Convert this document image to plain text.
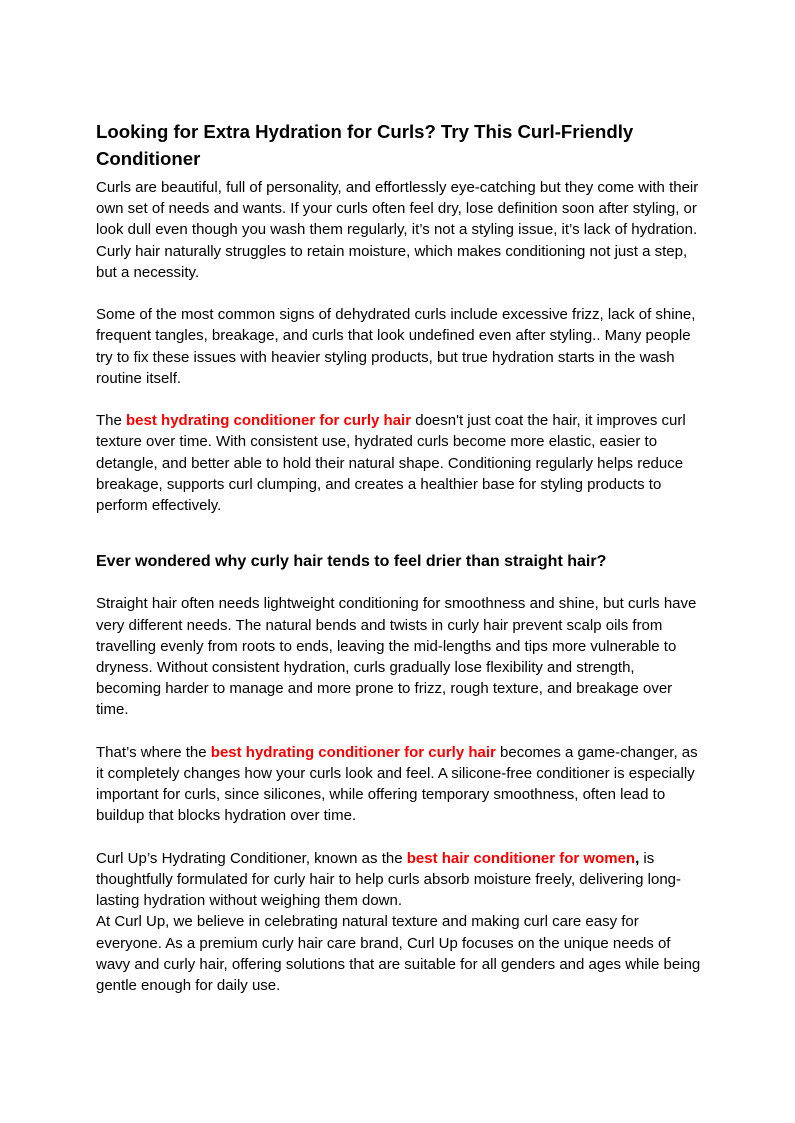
Looking for Extra Hydration for Curls? Try This Curl-Friendly Conditioner

Curls are beautiful, full of personality, and effortlessly eye-catching but they come with their own set of needs and wants. If your curls often feel dry, lose definition soon after styling, or look dull even though you wash them regularly, it’s not a styling issue, it’s lack of hydration. Curly hair naturally struggles to retain moisture, which makes conditioning not just a step, but a necessity.

Some of the most common signs of dehydrated curls include excessive frizz, lack of shine, frequent tangles, breakage, and curls that look undefined even after styling.. Many people try to fix these issues with heavier styling products, but true hydration starts in the wash routine itself.

The best hydrating conditioner for curly hair doesn't just coat the hair, it improves curl texture over time. With consistent use, hydrated curls become more elastic, easier to detangle, and better able to hold their natural shape. Conditioning regularly helps reduce breakage, supports curl clumping, and creates a healthier base for styling products to perform effectively.

Ever wondered why curly hair tends to feel drier than straight hair?

Straight hair often needs lightweight conditioning for smoothness and shine, but curls have very different needs. The natural bends and twists in curly hair prevent scalp oils from travelling evenly from roots to ends, leaving the mid-lengths and tips more vulnerable to dryness. Without consistent hydration, curls gradually lose flexibility and strength, becoming harder to manage and more prone to frizz, rough texture, and breakage over time.

That’s where the best hydrating conditioner for curly hair becomes a game-changer, as it completely changes how your curls look and feel. A silicone-free conditioner is especially important for curls, since silicones, while offering temporary smoothness, often lead to buildup that blocks hydration over time.

Curl Up’s Hydrating Conditioner, known as the best hair conditioner for women, is thoughtfully formulated for curly hair to help curls absorb moisture freely, delivering long-lasting hydration without weighing them down.

At Curl Up, we believe in celebrating natural texture and making curl care easy for everyone. As a premium curly hair care brand, Curl Up focuses on the unique needs of wavy and curly hair, offering solutions that are suitable for all genders and ages while being gentle enough for daily use.
